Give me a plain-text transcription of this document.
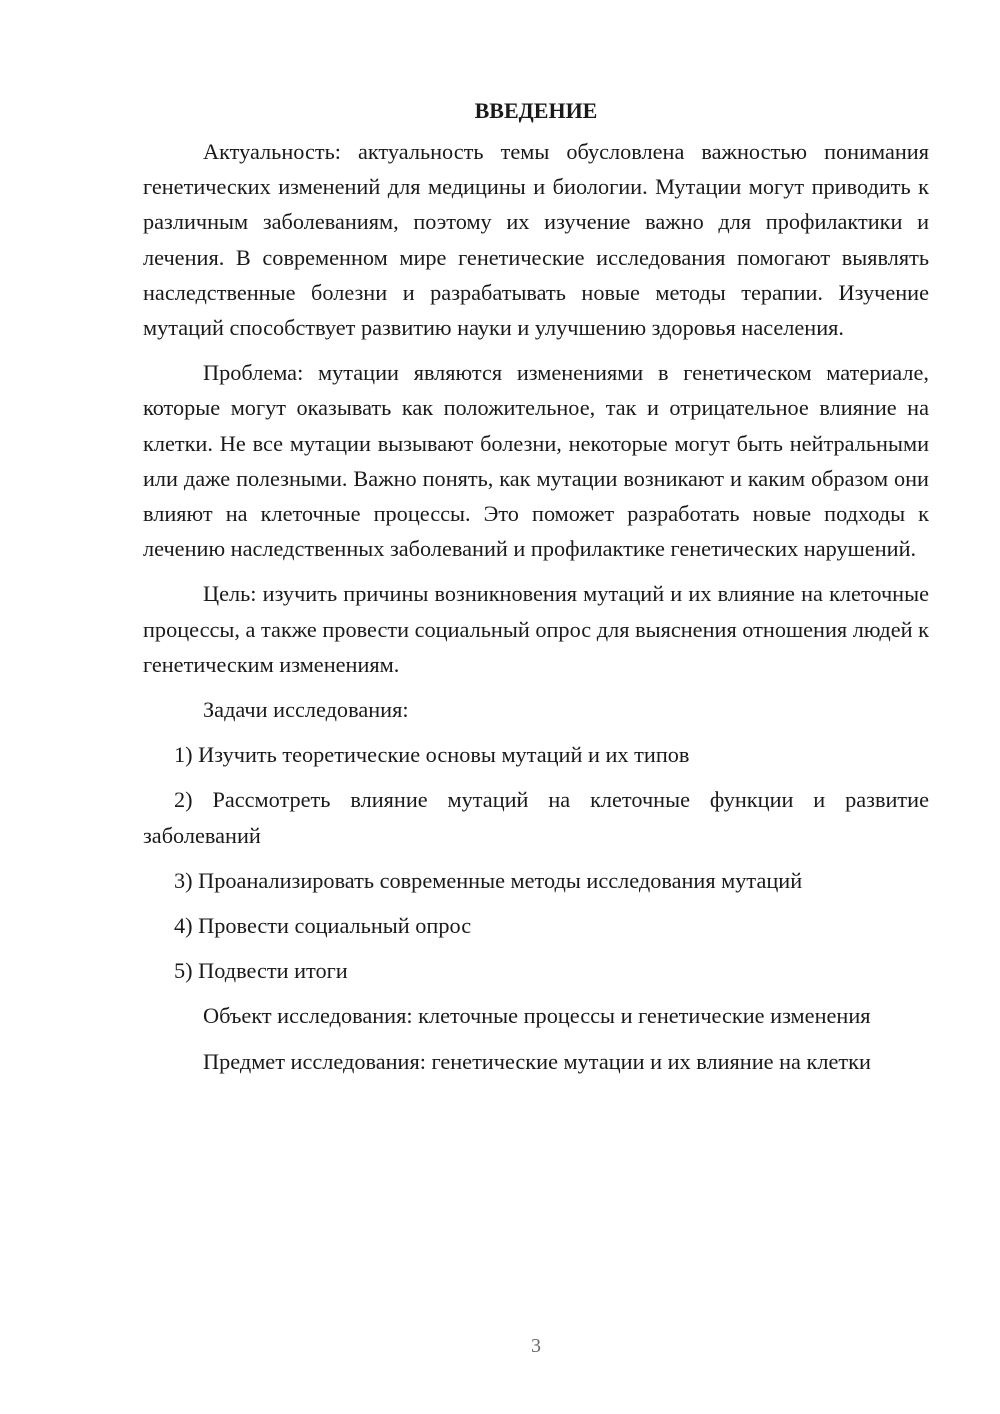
ВВЕДЕНИЕ

Актуальность: актуальность темы обусловлена важностью понимания генетических изменений для медицины и биологии. Мутации могут приводить к различным заболеваниям, поэтому их изучение важно для профилактики и лечения. В современном мире генетические исследования помогают выявлять наследственные болезни и разрабатывать новые методы терапии. Изучение мутаций способствует развитию науки и улучшению здоровья населения.

Проблема: мутации являются изменениями в генетическом материале, которые могут оказывать как положительное, так и отрицательное влияние на клетки. Не все мутации вызывают болезни, некоторые могут быть нейтральными или даже полезными. Важно понять, как мутации возникают и каким образом они влияют на клеточные процессы. Это поможет разработать новые подходы к лечению наследственных заболеваний и профилактике генетических нарушений.

Цель: изучить причины возникновения мутаций и их влияние на клеточные процессы, а также провести социальный опрос для выяснения отношения людей к генетическим изменениям.

Задачи исследования:

1) Изучить теоретические основы мутаций и их типов

2) Рассмотреть влияние мутаций на клеточные функции и развитие заболеваний

3) Проанализировать современные методы исследования мутаций

4) Провести социальный опрос

5) Подвести итоги

Объект исследования: клеточные процессы и генетические изменения

Предмет исследования: генетические мутации и их влияние на клетки

3
